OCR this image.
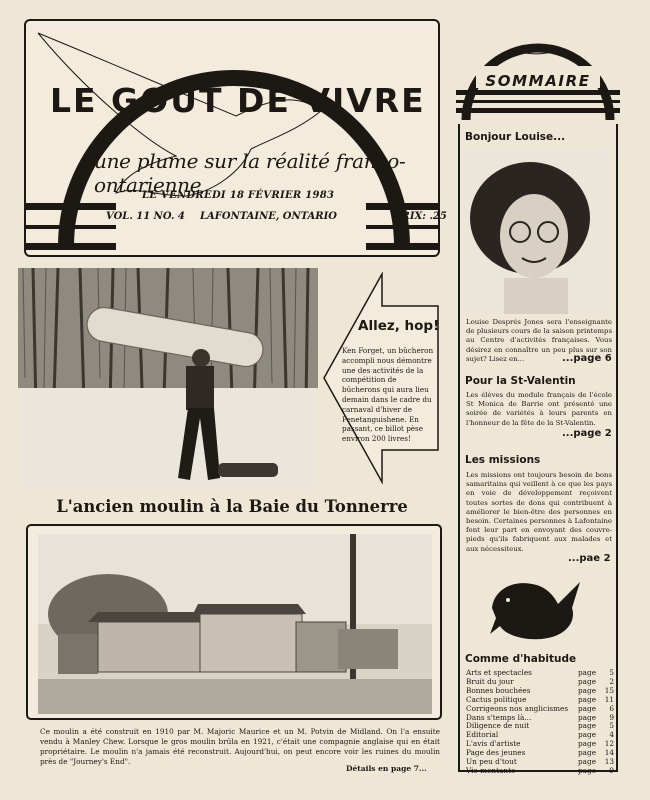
LE GOÛT DE VIVRE
une plume sur la réalité franco-ontarienne
LE VENDREDI 18 FÉVRIER 1983
VOL. 11 NO. 4 LAFONTAINE, ONTARIO	PRIX: .25
Allez, hop!
Ken Forget, un bûcheron accompli nous démontre une des activités de la compétition de bûcherons qui aura lieu demain dans le cadre du carnaval d'hiver de Penetanguishene. En passant, ce billot pèse environ 200 livres!
L'ancien moulin à la Baie du Tonnerre
Ce moulin a été construit en 1910 par M. Majoric Maurice et un M. Potvin de Midland. On l'a ensuite vendu à Manley Chew. Lorsque le gros moulin brûla en 1921, c'était une compagnie anglaise qui en était propriétaire. Le moulin n'a jamais été reconstruit. Aujourd'hui, on peut encore voir les ruines du moulin près de "Journey's End".
Détails en page 7...
SOMMAIRE
Bonjour Louise...
Louise Després Jones sera l'enseignante de plusieurs cours de la saison printemps au Centre d'activités françaises. Vous désirez en connaître un peu plus sur son sujet? Lisez en...	...page 6
Pour la St-Valentin
Les élèves du module français de l'école St Monica de Barrie ont présenté une soirée de variétés à leurs parents en l'honneur de la fête de la St-Valentin.
...page 2
Les missions
Les missions ont toujours besoin de bons samaritains qui veillent à ce que les pays en voie de développement reçoivent toutes sortes de dons qui contribuent à améliorer le bien-être des personnes en besoin. Certaines personnes à Lafontaine font leur part en envoyant des couvre-pieds qu'ils fabriquent aux malades et aux nécessiteux.
...pae 2
Comme d'habitude
Arts et spectacles	page 5
Bruit du jour	page 2
Bonnes bouchées	page 15
Cactus politique	page 11
Corrigeons nos anglicismes page 6
Dans s'temps là...	page 9
Diligence de nuit	page 5
Editorial	page 4
L'avis d'artiste	page 12
Page des jeunes	page 14
Un peu d'tout	page 13
Vie montante	page 9
